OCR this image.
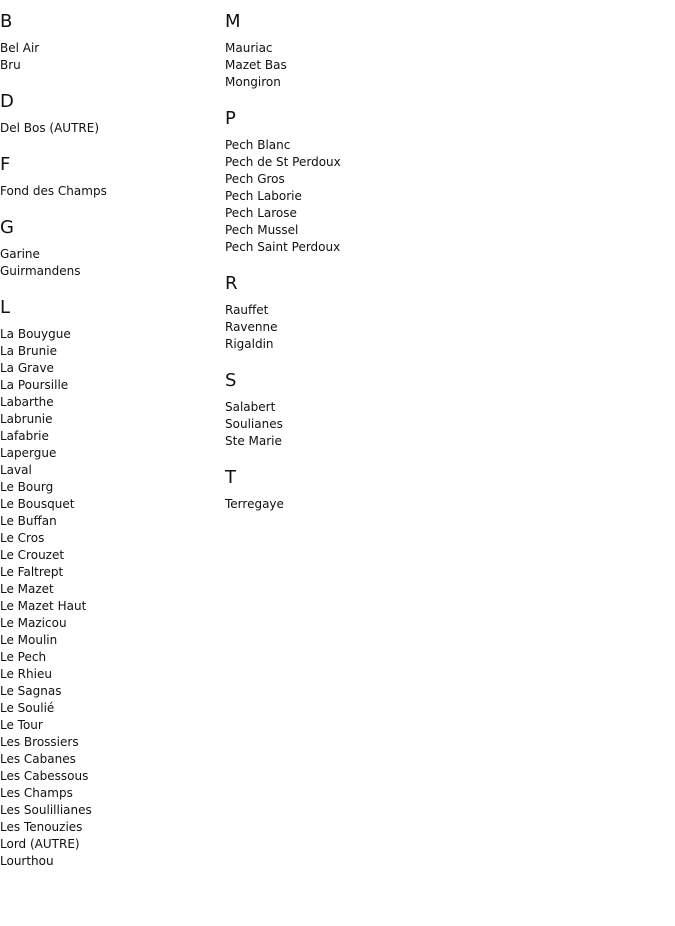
B
Bel Air
Bru
D
Del Bos (AUTRE)
F
Fond des Champs
G
Garine
Guirmandens
L
La Bouygue
La Brunie
La Grave
La Poursille
Labarthe
Labrunie
Lafabrie
Lapergue
Laval
Le Bourg
Le Bousquet
Le Buffan
Le Cros
Le Crouzet
Le Faltrept
Le Mazet
Le Mazet Haut
Le Mazicou
Le Moulin
Le Pech
Le Rhieu
Le Sagnas
Le Soulié
Le Tour
Les Brossiers
Les Cabanes
Les Cabessous
Les Champs
Les Soulillianes
Les Tenouzies
Lord (AUTRE)
Lourthou
M
Mauriac
Mazet Bas
Mongiron
P
Pech Blanc
Pech de St Perdoux
Pech Gros
Pech Laborie
Pech Larose
Pech Mussel
Pech Saint Perdoux
R
Rauffet
Ravenne
Rigaldin
S
Salabert
Soulianes
Ste Marie
T
Terregaye
